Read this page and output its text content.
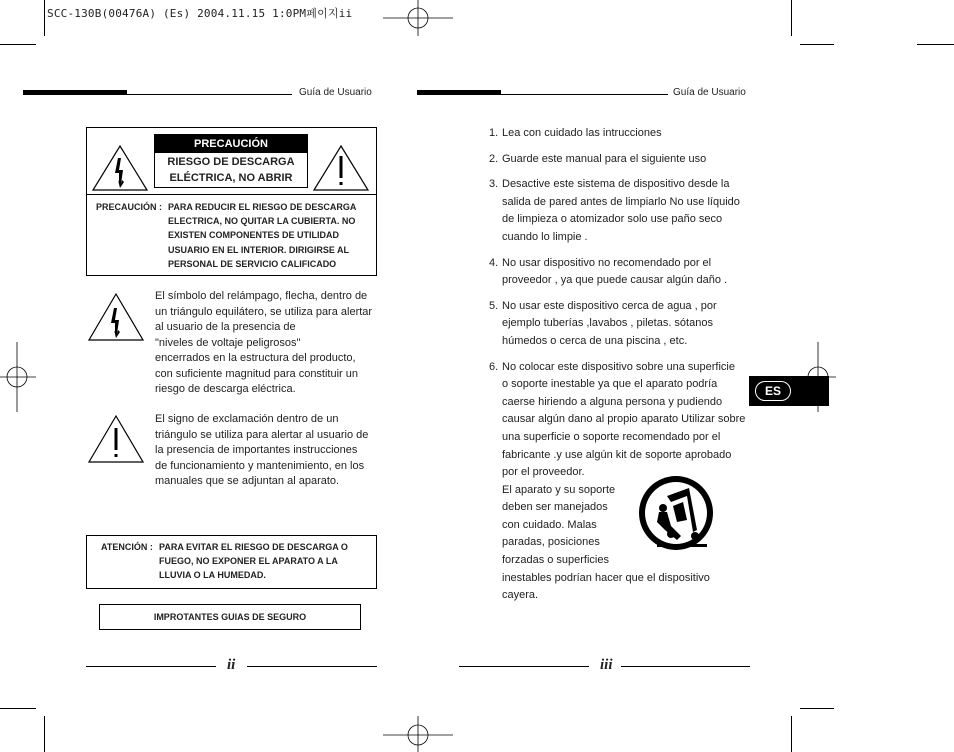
SCC-130B(00476A) (Es) 2004.11.15 1:0PM페이지ii
Guía de Usuario	Guía de Usuario
PRECAUCIÓN
RIESGO DE DESCARGA
ELÉCTRICA, NO ABRIR
PRECAUCIÓN : PARA REDUCIR EL RIESGO DE DESCARGA
ELECTRICA, NO QUITAR LA CUBIERTA. NO
EXISTEN COMPONENTES DE UTILIDAD
USUARIO EN EL INTERIOR. DIRIGIRSE AL
PERSONAL DE SERVICIO CALIFICADO
El símbolo del relámpago, flecha, dentro de
un triángulo equilátero, se utiliza para alertar
al usuario de la presencia de
"niveles de voltaje peligrosos"
encerrados en la estructura del producto,
con suficiente magnitud para constituir un
riesgo de descarga eléctrica.
El signo de exclamación dentro de un
triángulo se utiliza para alertar al usuario de
la presencia de importantes instrucciones
de funcionamiento y mantenimiento, en los
manuales que se adjuntan al aparato.
ATENCIÓN : PARA EVITAR EL RIESGO DE DESCARGA O
FUEGO, NO EXPONER EL APARATO A LA
LLUVIA O LA HUMEDAD.
IMPROTANTES GUIAS DE SEGURO
ii	iii
ES
1. Lea con cuidado las intrucciones
2. Guarde este manual para el siguiente uso
3. Desactive este sistema de dispositivo desde la
salida de pared antes de limpiarlo No use líquido
de limpieza o atomizador solo use paño seco
cuando lo limpie .
4. No usar dispositivo no recomendado por el
proveedor , ya que puede causar algún daño .
5. No usar este dispositivo cerca de agua , por
ejemplo tuberías ,lavabos , piletas. sótanos
húmedos o cerca de una piscina , etc.
6. No colocar este dispositivo sobre una superficie
o soporte inestable ya que el aparato podría
caerse hiriendo a alguna persona y pudiendo
causar algún dano al propio aparato Utilizar sobre
una superficie o soporte recomendado por el
fabricante .y use algún kit de soporte aprobado
por el proveedor.
El aparato y su soporte
deben ser manejados
con cuidado. Malas
paradas, posiciones
forzadas o superficies
inestables podrían hacer que el dispositivo
cayera.
